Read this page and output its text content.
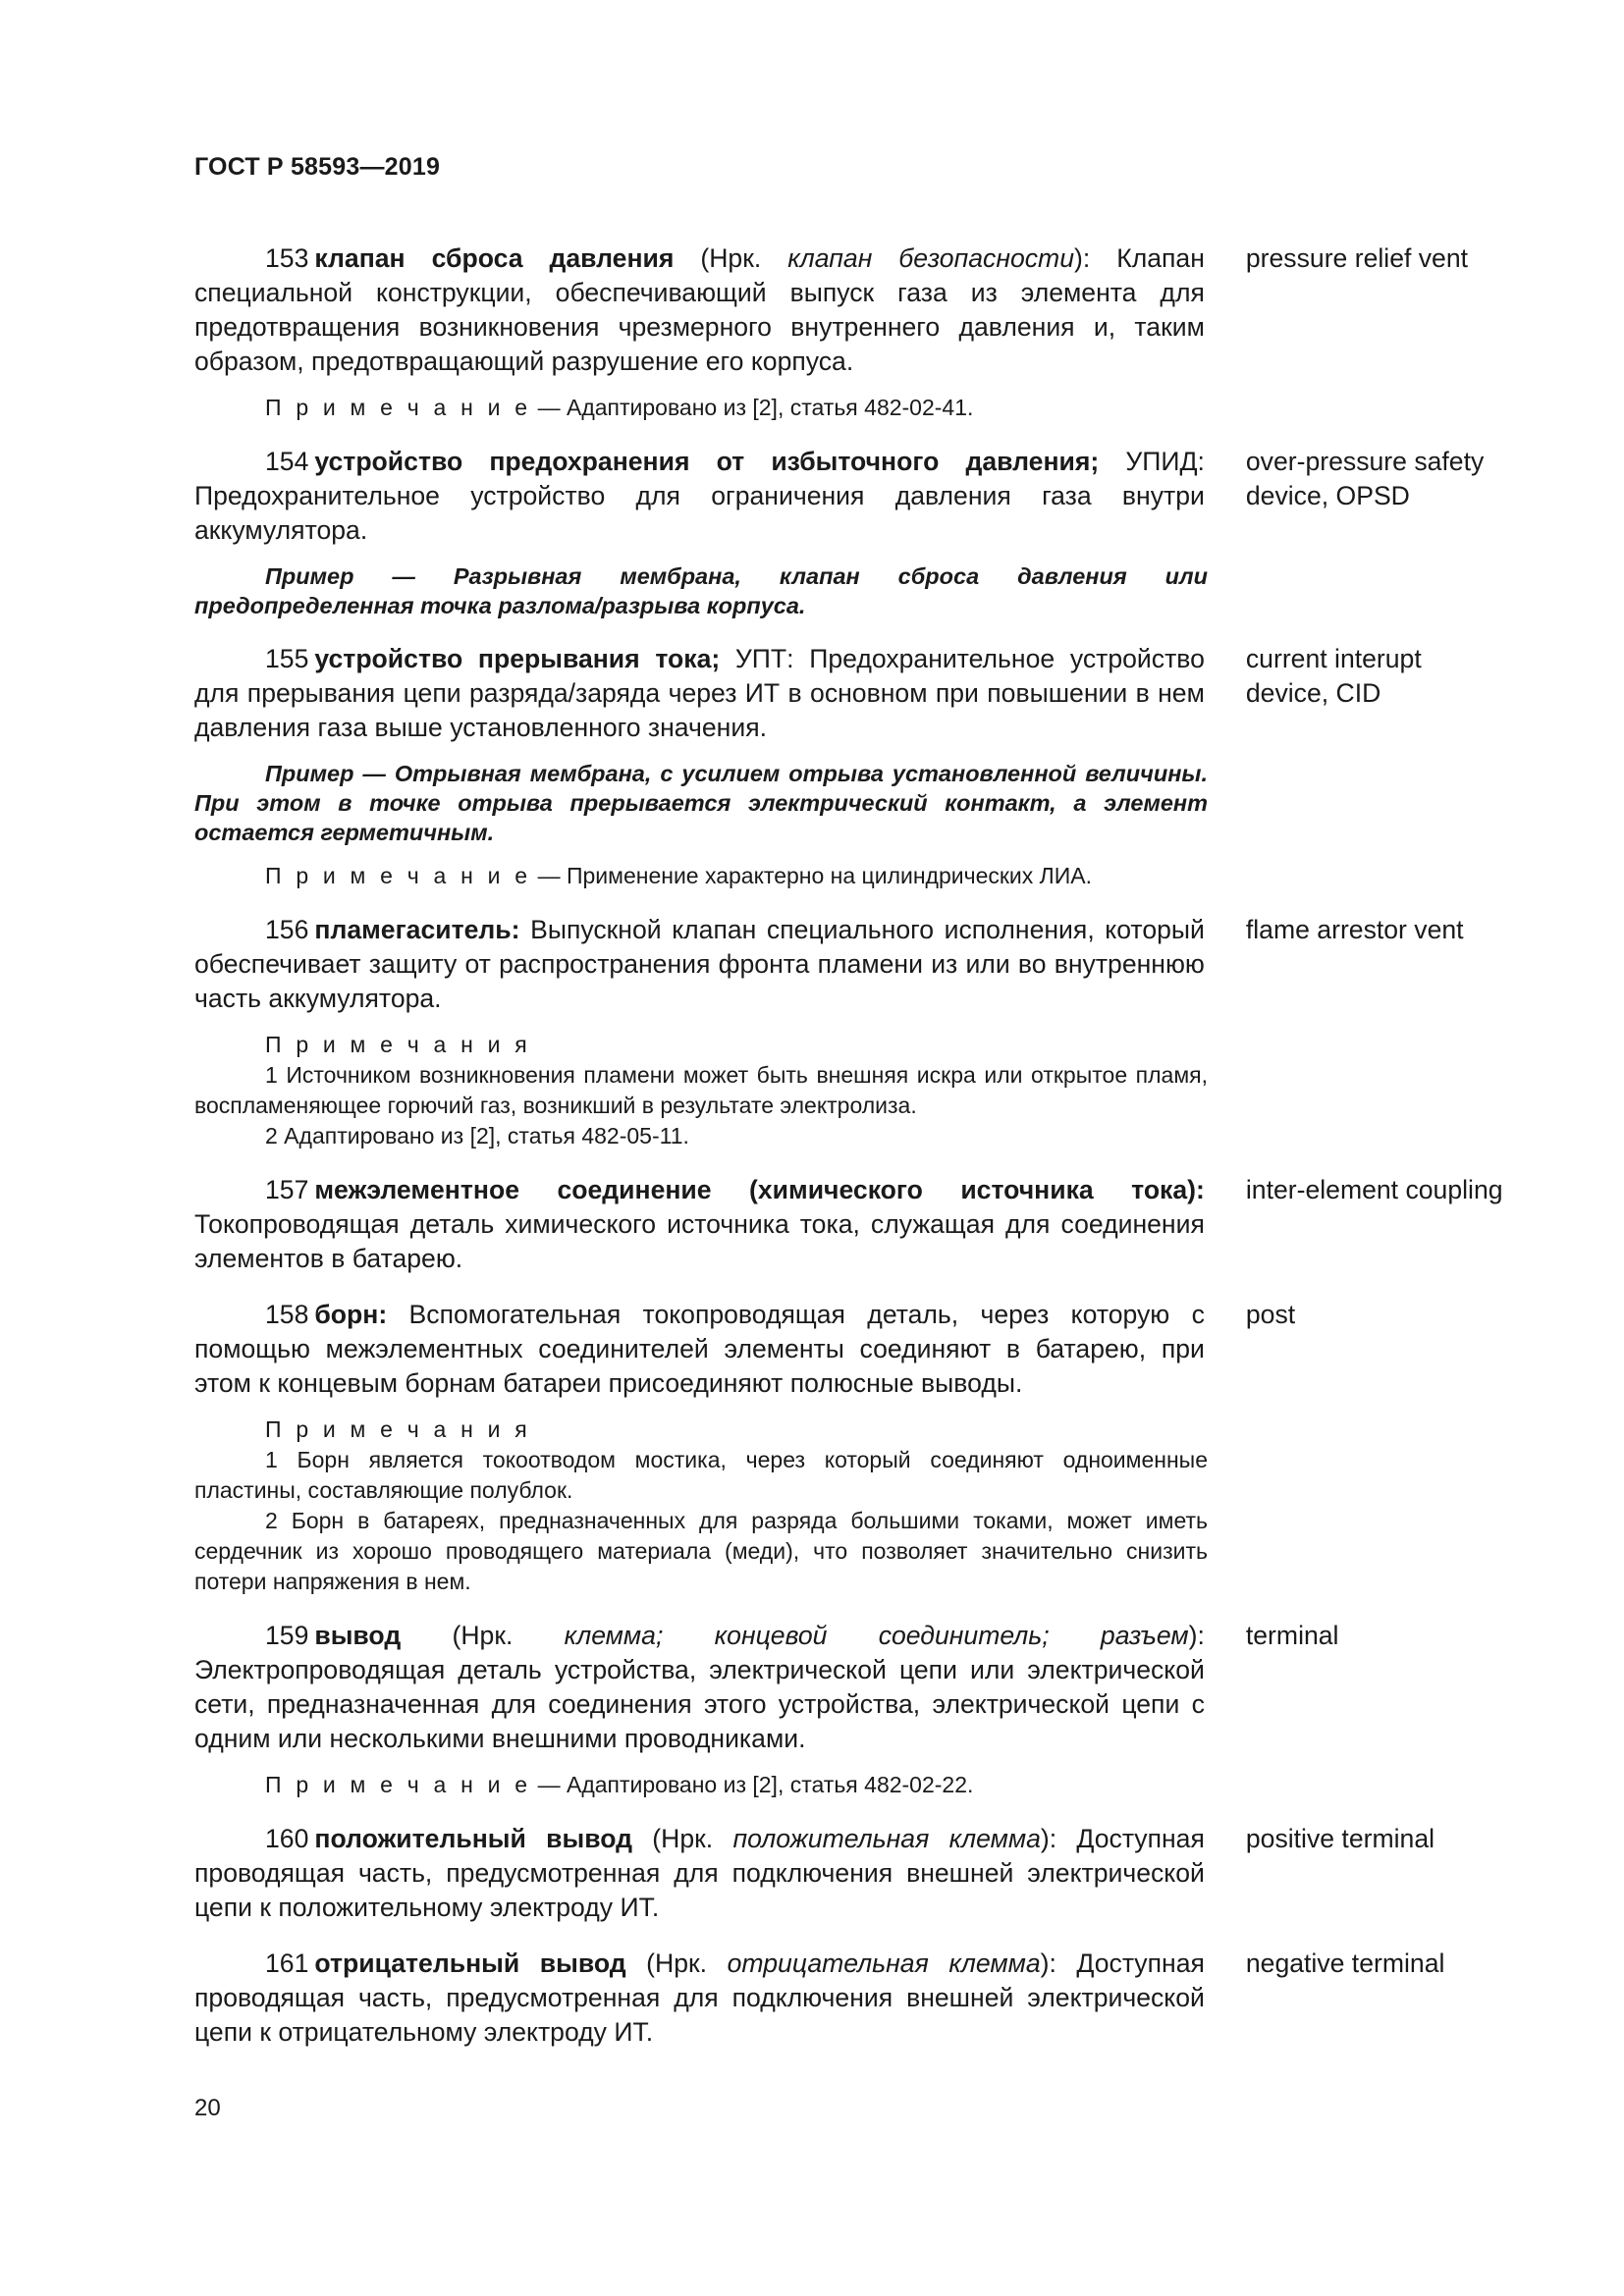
ГОСТ Р 58593—2019

153 клапан сброса давления (Нрк. клапан безопасности): Клапан специальной конструкции, обеспечивающий выпуск газа из элемента для предотвращения возникновения чрезмерного внутреннего давления и, таким образом, предотвращающий разрушение его корпуса.

pressure relief vent

П р и м е ч а н и е — Адаптировано из [2], статья 482-02-41.

154 устройство предохранения от избыточного давления; УПИД: Предохранительное устройство для ограничения давления газа внутри аккумулятора.

over-pressure safety
device, OPSD

Пример — Разрывная мембрана, клапан сброса давления или предопределенная точка разлома/разрыва корпуса.

155 устройство прерывания тока; УПТ: Предохранительное устройство для прерывания цепи разряда/заряда через ИТ в основном при повышении в нем давления газа выше установленного значения.

current interupt
device, CID

Пример — Отрывная мембрана, с усилием отрыва установленной величины. При этом в точке отрыва прерывается электрический контакт, а элемент остается герметичным.

П р и м е ч а н и е — Применение характерно на цилиндрических ЛИА.

156 пламегаситель: Выпускной клапан специального исполнения, который обеспечивает защиту от распространения фронта пламени из или во внутреннюю часть аккумулятора.

flame arrestor vent

П р и м е ч а н и я

1 Источником возникновения пламени может быть внешняя искра или открытое пламя, воспламеняющее горючий газ, возникший в результате электролиза.

2 Адаптировано из [2], статья 482-05-11.

157 межэлементное соединение (химического источника тока): Токопроводящая деталь химического источника тока, служащая для соединения элементов в батарею.

inter-element coupling

158 борн: Вспомогательная токопроводящая деталь, через которую с помощью межэлементных соединителей элементы соединяют в батарею, при этом к концевым борнам батареи присоединяют полюсные выводы.

post

П р и м е ч а н и я

1 Борн является токоотводом мостика, через который соединяют одноименные пластины, составляющие полублок.

2 Борн в батареях, предназначенных для разряда большими токами, может иметь сердечник из хорошо проводящего материала (меди), что позволяет значительно снизить потери напряжения в нем.

159 вывод (Нрк. клемма; концевой соединитель; разъем): Электропроводящая деталь устройства, электрической цепи или электрической сети, предназначенная для соединения этого устройства, электрической цепи с одним или несколькими внешними проводниками.

terminal

П р и м е ч а н и е — Адаптировано из [2], статья 482-02-22.

160 положительный вывод (Нрк. положительная клемма): Доступная проводящая часть, предусмотренная для подключения внешней электрической цепи к положительному электроду ИТ.

positive terminal

161 отрицательный вывод (Нрк. отрицательная клемма): Доступная проводящая часть, предусмотренная для подключения внешней электрической цепи к отрицательному электроду ИТ.

negative terminal
20
